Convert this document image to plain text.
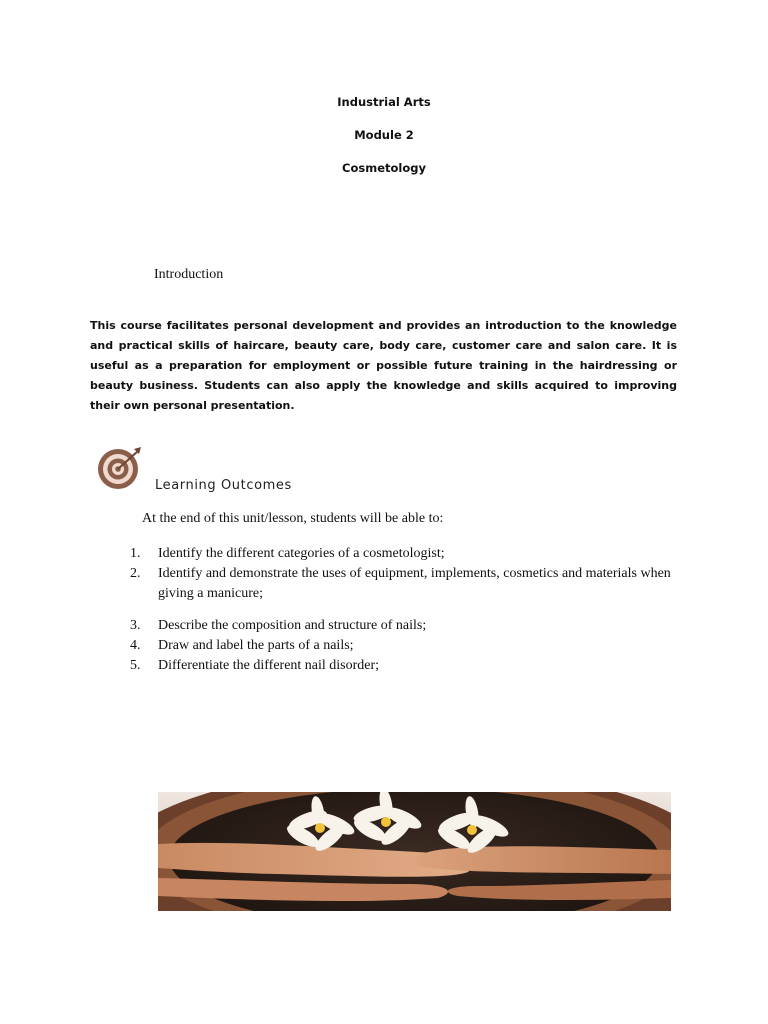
Industrial Arts
Module 2
Cosmetology
Introduction
This course facilitates personal development and provides an introduction to the knowledge and practical skills of haircare, beauty care, body care, customer care and salon care. It is useful as a preparation for employment or possible future training in the hairdressing or beauty business. Students can also apply the knowledge and skills acquired to improving their own personal presentation.
Learning Outcomes
At the end of this unit/lesson, students will be able to:
1.	Identify the different categories of a cosmetologist;
2.	Identify and demonstrate the uses of equipment, implements, cosmetics and materials when giving a manicure;
3.	Describe the composition and structure of nails;
4.	Draw and label the parts of a nails;
5.	Differentiate the different nail disorder;
